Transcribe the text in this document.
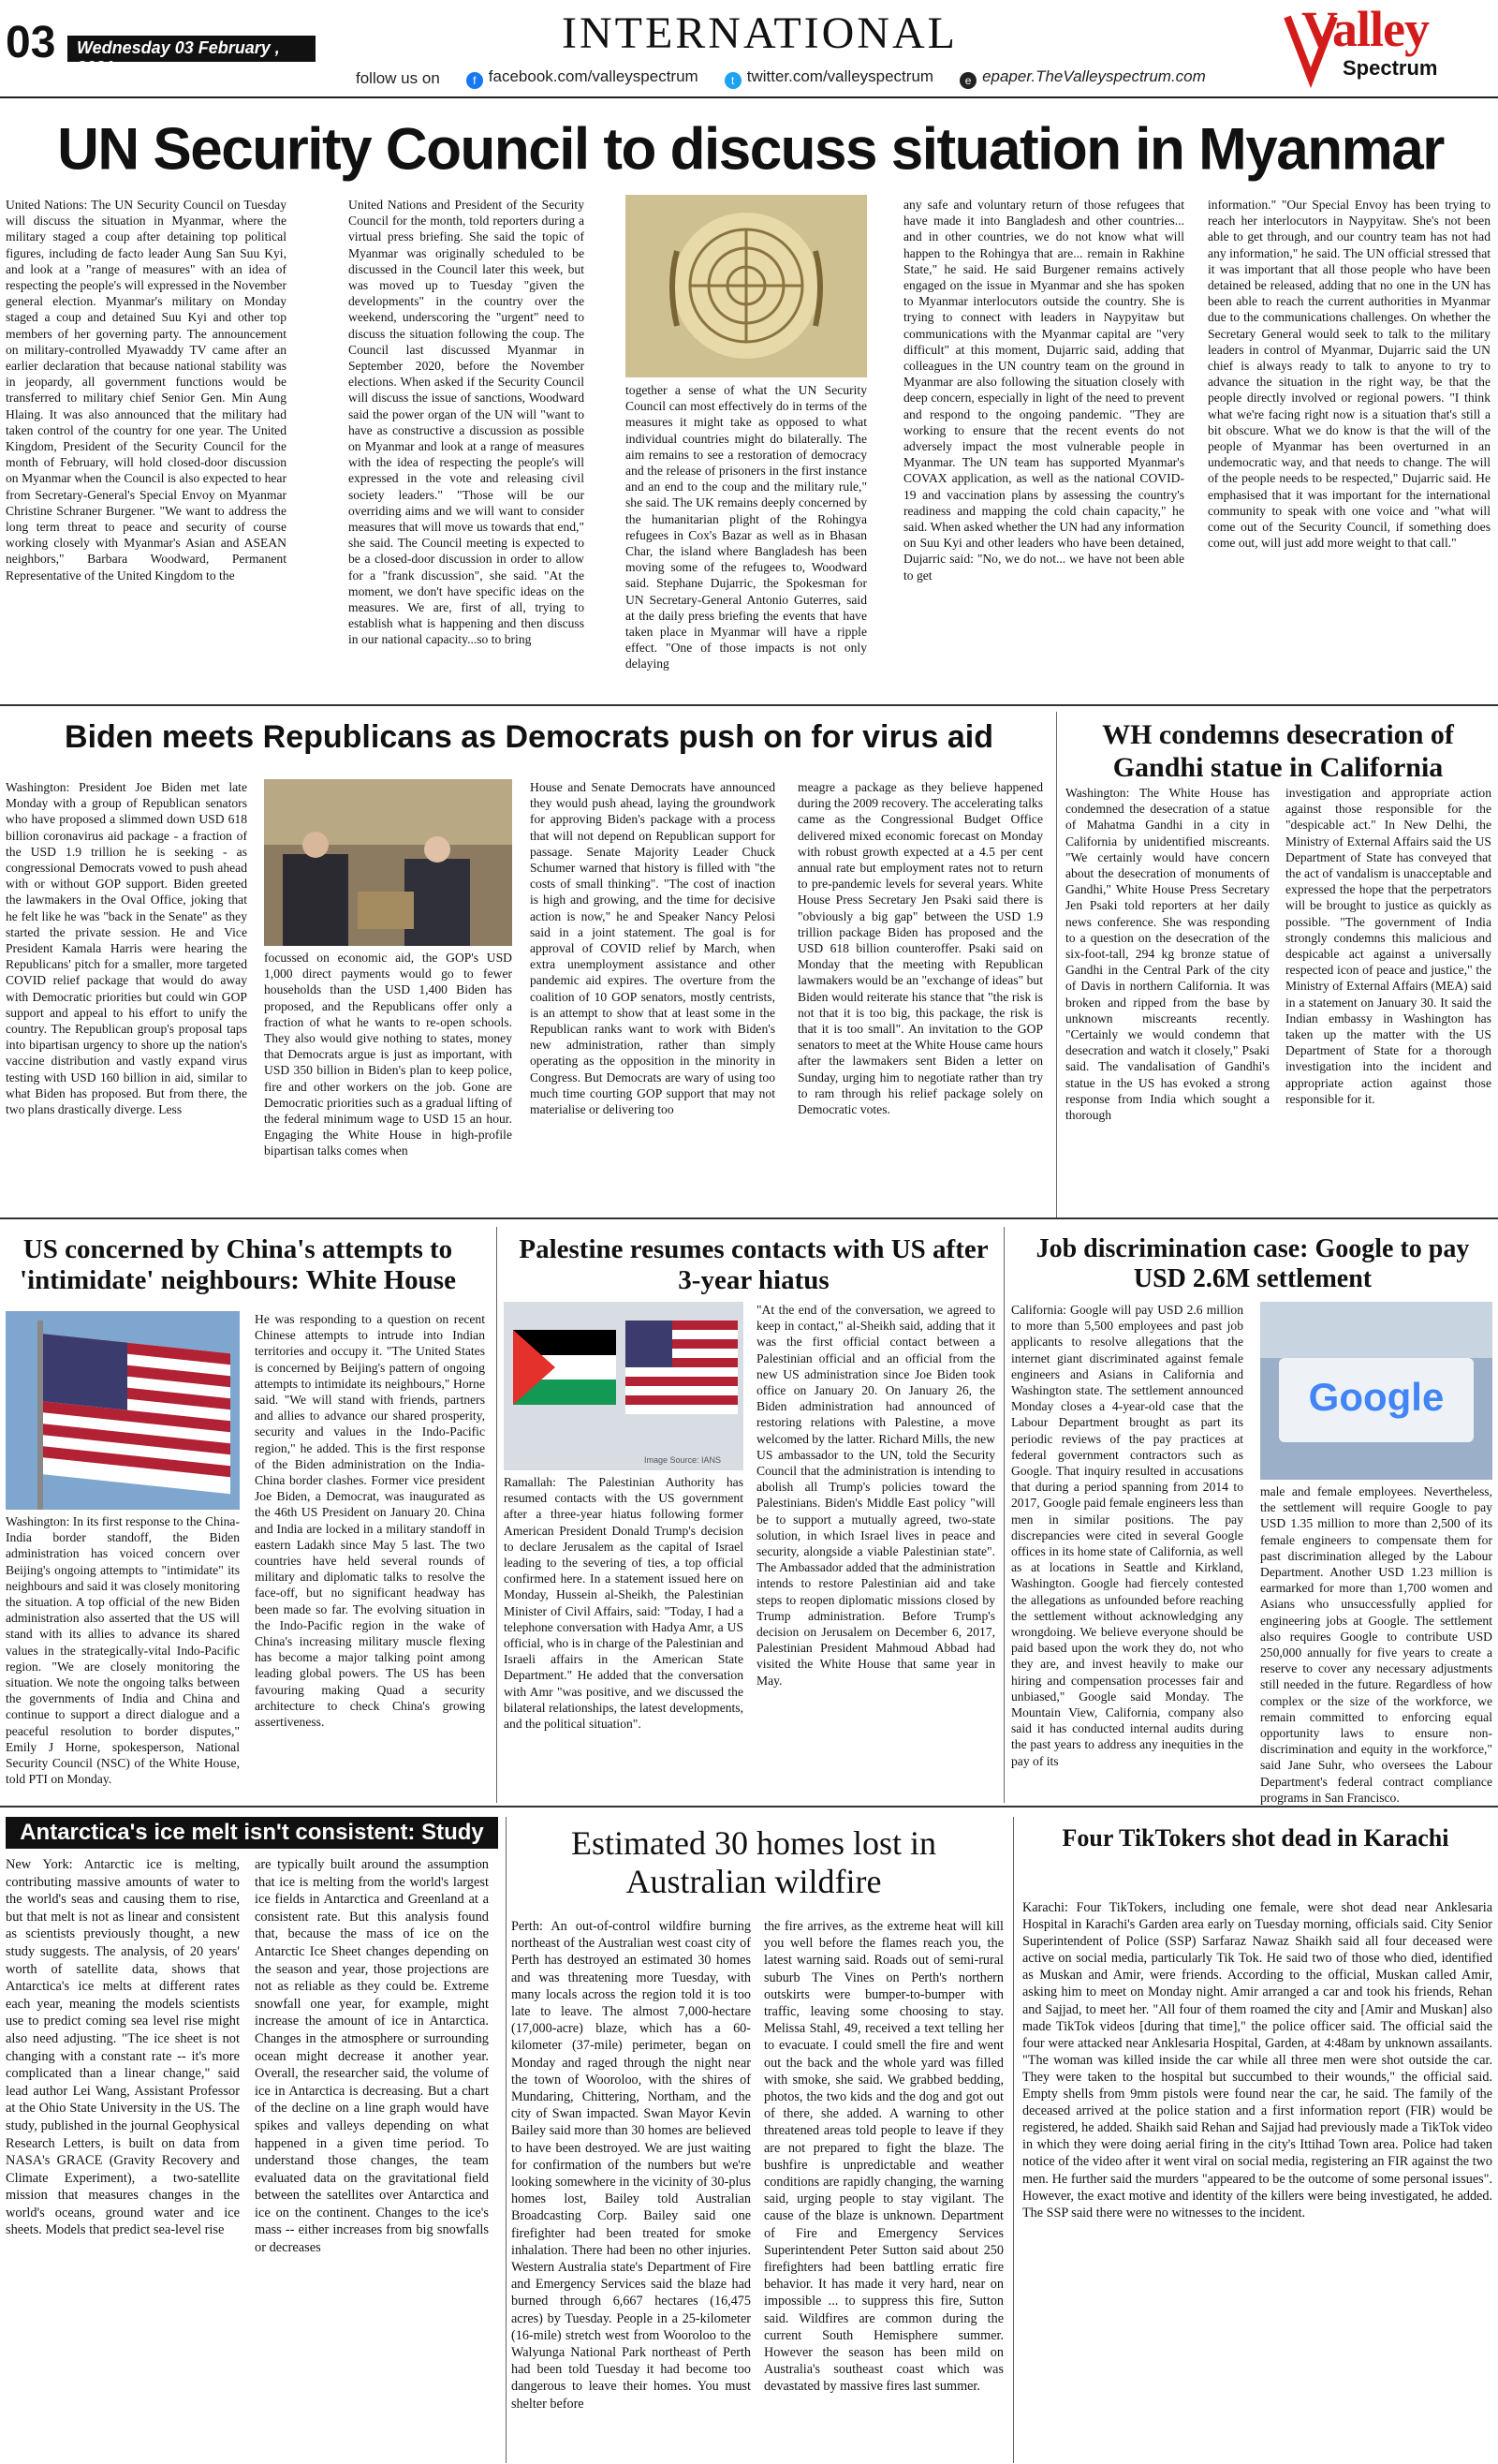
03	Wednesday 03 February , 2021
INTERNATIONAL
follow us on	f facebook.com/valleyspectrum	t twitter.com/valleyspectrum	e epaper.TheValleyspectrum.com
Valley
Spectrum
UN Security Council to discuss situation in Myanmar
United Nations: The UN Security Council on Tuesday will discuss the situation in Myanmar, where the military staged a coup after detaining top political figures, including de facto leader Aung San Suu Kyi, and look at a "range of measures" with an idea of respecting the people's will expressed in the November general election. Myanmar's military on Monday staged a coup and detained Suu Kyi and other top members of her governing party. The announcement on military-controlled Myawaddy TV came after an earlier declaration that because national stability was in jeopardy, all government functions would be transferred to military chief Senior Gen. Min Aung Hlaing. It was also announced that the military had taken control of the country for one year. The United Kingdom, President of the Security Council for the month of February, will hold closed-door discussion on Myanmar when the Council is also expected to hear from Secretary-General's Special Envoy on Myanmar Christine Schraner Burgener. "We want to address the long term threat to peace and security of course working closely with Myanmar's Asian and ASEAN neighbors," Barbara Woodward, Permanent Representative of the United Kingdom to the
United Nations and President of the Security Council for the month, told reporters during a virtual press briefing. She said the topic of Myanmar was originally scheduled to be discussed in the Council later this week, but was moved up to Tuesday "given the developments" in the country over the weekend, underscoring the "urgent" need to discuss the situation following the coup. The Council last discussed Myanmar in September 2020, before the November elections. When asked if the Security Council will discuss the issue of sanctions, Woodward said the power organ of the UN will "want to have as constructive a discussion as possible on Myanmar and look at a range of measures with the idea of respecting the people's will expressed in the vote and releasing civil society leaders." "Those will be our overriding aims and we will want to consider measures that will move us towards that end," she said. The Council meeting is expected to be a closed-door discussion in order to allow for a "frank discussion", she said. "At the moment, we don't have specific ideas on the measures. We are, first of all, trying to establish what is happening and then discuss in our national capacity...so to bring
together a sense of what the UN Security Council can most effectively do in terms of the measures it might take as opposed to what individual countries might do bilaterally. The aim remains to see a restoration of democracy and the release of prisoners in the first instance and an end to the coup and the military rule," she said. The UK remains deeply concerned by the humanitarian plight of the Rohingya refugees in Cox's Bazar as well as in Bhasan Char, the island where Bangladesh has been moving some of the refugees to, Woodward said. Stephane Dujarric, the Spokesman for UN Secretary-General Antonio Guterres, said at the daily press briefing the events that have taken place in Myanmar will have a ripple effect. "One of those impacts is not only delaying
any safe and voluntary return of those refugees that have made it into Bangladesh and other countries... and in other countries, we do not know what will happen to the Rohingya that are... remain in Rakhine State," he said. He said Burgener remains actively engaged on the issue in Myanmar and she has spoken to Myanmar interlocutors outside the country. She is trying to connect with leaders in Naypyitaw but communications with the Myanmar capital are "very difficult" at this moment, Dujarric said, adding that colleagues in the UN country team on the ground in Myanmar are also following the situation closely with deep concern, especially in light of the need to prevent and respond to the ongoing pandemic. "They are working to ensure that the recent events do not adversely impact the most vulnerable people in Myanmar. The UN team has supported Myanmar's COVAX application, as well as the national COVID-19 and vaccination plans by assessing the country's readiness and mapping the cold chain capacity," he said. When asked whether the UN had any information on Suu Kyi and other leaders who have been detained, Dujarric said: "No, we do not... we have not been able to get
information." "Our Special Envoy has been trying to reach her interlocutors in Naypyitaw. She's not been able to get through, and our country team has not had any information," he said. The UN official stressed that it was important that all those people who have been detained be released, adding that no one in the UN has been able to reach the current authorities in Myanmar due to the communications challenges. On whether the Secretary General would seek to talk to the military leaders in control of Myanmar, Dujarric said the UN chief is always ready to talk to anyone to try to advance the situation in the right way, be that the people directly involved or regional powers. "I think what we're facing right now is a situation that's still a bit obscure. What we do know is that the will of the people of Myanmar has been overturned in an undemocratic way, and that needs to change. The will of the people needs to be respected," Dujarric said. He emphasised that it was important for the international community to speak with one voice and "what will come out of the Security Council, if something does come out, will just add more weight to that call."
Biden meets Republicans as Democrats push on for virus aid
Washington: President Joe Biden met late Monday with a group of Republican senators who have proposed a slimmed down USD 618 billion coronavirus aid package - a fraction of the USD 1.9 trillion he is seeking - as congressional Democrats vowed to push ahead with or without GOP support. Biden greeted the lawmakers in the Oval Office, joking that he felt like he was "back in the Senate" as they started the private session. He and Vice President Kamala Harris were hearing the Republicans' pitch for a smaller, more targeted COVID relief package that would do away with Democratic priorities but could win GOP support and appeal to his effort to unify the country. The Republican group's proposal taps into bipartisan urgency to shore up the nation's vaccine distribution and vastly expand virus testing with USD 160 billion in aid, similar to what Biden has proposed. But from there, the two plans drastically diverge. Less
focussed on economic aid, the GOP's USD 1,000 direct payments would go to fewer households than the USD 1,400 Biden has proposed, and the Republicans offer only a fraction of what he wants to re-open schools. They also would give nothing to states, money that Democrats argue is just as important, with USD 350 billion in Biden's plan to keep police, fire and other workers on the job. Gone are Democratic priorities such as a gradual lifting of the federal minimum wage to USD 15 an hour. Engaging the White House in high-profile bipartisan talks comes when
House and Senate Democrats have announced they would push ahead, laying the groundwork for approving Biden's package with a process that will not depend on Republican support for passage. Senate Majority Leader Chuck Schumer warned that history is filled with "the costs of small thinking". "The cost of inaction is high and growing, and the time for decisive action is now," he and Speaker Nancy Pelosi said in a joint statement. The goal is for approval of COVID relief by March, when extra unemployment assistance and other pandemic aid expires. The overture from the coalition of 10 GOP senators, mostly centrists, is an attempt to show that at least some in the Republican ranks want to work with Biden's new administration, rather than simply operating as the opposition in the minority in Congress. But Democrats are wary of using too much time courting GOP support that may not materialise or delivering too
meagre a package as they believe happened during the 2009 recovery. The accelerating talks came as the Congressional Budget Office delivered mixed economic forecast on Monday with robust growth expected at a 4.5 per cent annual rate but employment rates not to return to pre-pandemic levels for several years. White House Press Secretary Jen Psaki said there is "obviously a big gap" between the USD 1.9 trillion package Biden has proposed and the USD 618 billion counteroffer. Psaki said on Monday that the meeting with Republican lawmakers would be an "exchange of ideas" but Biden would reiterate his stance that "the risk is not that it is too big, this package, the risk is that it is too small". An invitation to the GOP senators to meet at the White House came hours after the lawmakers sent Biden a letter on Sunday, urging him to negotiate rather than try to ram through his relief package solely on Democratic votes.
WH condemns desecration of Gandhi statue in California
Washington: The White House has condemned the desecration of a statue of Mahatma Gandhi in a city in California by unidentified miscreants. "We certainly would have concern about the desecration of monuments of Gandhi," White House Press Secretary Jen Psaki told reporters at her daily news conference. She was responding to a question on the desecration of the six-foot-tall, 294 kg bronze statue of Gandhi in the Central Park of the city of Davis in northern California. It was broken and ripped from the base by unknown miscreants recently. "Certainly we would condemn that desecration and watch it closely," Psaki said. The vandalisation of Gandhi's statue in the US has evoked a strong response from India which sought a thorough
investigation and appropriate action against those responsible for the "despicable act." In New Delhi, the Ministry of External Affairs said the US Department of State has conveyed that the act of vandalism is unacceptable and expressed the hope that the perpetrators will be brought to justice as quickly as possible. "The government of India strongly condemns this malicious and despicable act against a universally respected icon of peace and justice," the Ministry of External Affairs (MEA) said in a statement on January 30. It said the Indian embassy in Washington has taken up the matter with the US Department of State for a thorough investigation into the incident and appropriate action against those responsible for it.
US concerned by China's attempts to 'intimidate' neighbours: White House
Washington: In its first response to the China-India border standoff, the Biden administration has voiced concern over Beijing's ongoing attempts to "intimidate" its neighbours and said it was closely monitoring the situation. A top official of the new Biden administration also asserted that the US will stand with its allies to advance its shared values in the strategically-vital Indo-Pacific region. "We are closely monitoring the situation. We note the ongoing talks between the governments of India and China and continue to support a direct dialogue and a peaceful resolution to border disputes," Emily J Horne, spokesperson, National Security Council (NSC) of the White House, told PTI on Monday.
He was responding to a question on recent Chinese attempts to intrude into Indian territories and occupy it. "The United States is concerned by Beijing's pattern of ongoing attempts to intimidate its neighbours," Horne said. "We will stand with friends, partners and allies to advance our shared prosperity, security and values in the Indo-Pacific region," he added. This is the first response of the Biden administration on the India-China border clashes. Former vice president Joe Biden, a Democrat, was inaugurated as the 46th US President on January 20. China and India are locked in a military standoff in eastern Ladakh since May 5 last. The two countries have held several rounds of military and diplomatic talks to resolve the face-off, but no significant headway has been made so far. The evolving situation in the Indo-Pacific region in the wake of China's increasing military muscle flexing has become a major talking point among leading global powers. The US has been favouring making Quad a security architecture to check China's growing assertiveness.
Palestine resumes contacts with US after 3-year hiatus
Image Source: IANS
Ramallah: The Palestinian Authority has resumed contacts with the US government after a three-year hiatus following former American President Donald Trump's decision to declare Jerusalem as the capital of Israel leading to the severing of ties, a top official confirmed here. In a statement issued here on Monday, Hussein al-Sheikh, the Palestinian Minister of Civil Affairs, said: "Today, I had a telephone conversation with Hadya Amr, a US official, who is in charge of the Palestinian and Israeli affairs in the American State Department." He added that the conversation with Amr "was positive, and we discussed the bilateral relationships, the latest developments, and the political situation".
"At the end of the conversation, we agreed to keep in contact," al-Sheikh said, adding that it was the first official contact between a Palestinian official and an official from the new US administration since Joe Biden took office on January 20. On January 26, the Biden administration had announced of restoring relations with Palestine, a move welcomed by the latter. Richard Mills, the new US ambassador to the UN, told the Security Council that the administration is intending to abolish all Trump's policies toward the Palestinians. Biden's Middle East policy "will be to support a mutually agreed, two-state solution, in which Israel lives in peace and security, alongside a viable Palestinian state". The Ambassador added that the administration intends to restore Palestinian aid and take steps to reopen diplomatic missions closed by Trump administration. Before Trump's decision on Jerusalem on December 6, 2017, Palestinian President Mahmoud Abbad had visited the White House that same year in May.
Job discrimination case: Google to pay USD 2.6M settlement
California: Google will pay USD 2.6 million to more than 5,500 employees and past job applicants to resolve allegations that the internet giant discriminated against female engineers and Asians in California and Washington state. The settlement announced Monday closes a 4-year-old case that the Labour Department brought as part its periodic reviews of the pay practices at federal government contractors such as Google. That inquiry resulted in accusations that during a period spanning from 2014 to 2017, Google paid female engineers less than men in similar positions. The pay discrepancies were cited in several Google offices in its home state of California, as well as at locations in Seattle and Kirkland, Washington. Google had fiercely contested the allegations as unfounded before reaching the settlement without acknowledging any wrongdoing. We believe everyone should be paid based upon the work they do, not who they are, and invest heavily to make our hiring and compensation processes fair and unbiased," Google said Monday. The Mountain View, California, company also said it has conducted internal audits during the past years to address any inequities in the pay of its
Google
male and female employees. Nevertheless, the settlement will require Google to pay USD 1.35 million to more than 2,500 of its female engineers to compensate them for past discrimination alleged by the Labour Department. Another USD 1.23 million is earmarked for more than 1,700 women and Asians who unsuccessfully applied for engineering jobs at Google. The settlement also requires Google to contribute USD 250,000 annually for five years to create a reserve to cover any necessary adjustments still needed in the future. Regardless of how complex or the size of the workforce, we remain committed to enforcing equal opportunity laws to ensure non-discrimination and equity in the workforce," said Jane Suhr, who oversees the Labour Department's federal contract compliance programs in San Francisco.
Antarctica's ice melt isn't consistent: Study
New York: Antarctic ice is melting, contributing massive amounts of water to the world's seas and causing them to rise, but that melt is not as linear and consistent as scientists previously thought, a new study suggests. The analysis, of 20 years' worth of satellite data, shows that Antarctica's ice melts at different rates each year, meaning the models scientists use to predict coming sea level rise might also need adjusting. "The ice sheet is not changing with a constant rate -- it's more complicated than a linear change," said lead author Lei Wang, Assistant Professor at the Ohio State University in the US. The study, published in the journal Geophysical Research Letters, is built on data from NASA's GRACE (Gravity Recovery and Climate Experiment), a two-satellite mission that measures changes in the world's oceans, ground water and ice sheets. Models that predict sea-level rise
are typically built around the assumption that ice is melting from the world's largest ice fields in Antarctica and Greenland at a consistent rate. But this analysis found that, because the mass of ice on the Antarctic Ice Sheet changes depending on the season and year, those projections are not as reliable as they could be. Extreme snowfall one year, for example, might increase the amount of ice in Antarctica. Changes in the atmosphere or surrounding ocean might decrease it another year. Overall, the researcher said, the volume of ice in Antarctica is decreasing. But a chart of the decline on a line graph would have spikes and valleys depending on what happened in a given time period. To understand those changes, the team evaluated data on the gravitational field between the satellites over Antarctica and ice on the continent. Changes to the ice's mass -- either increases from big snowfalls or decreases
Estimated 30 homes lost in Australian wildfire
Perth: An out-of-control wildfire burning northeast of the Australian west coast city of Perth has destroyed an estimated 30 homes and was threatening more Tuesday, with many locals across the region told it is too late to leave. The almost 7,000-hectare (17,000-acre) blaze, which has a 60-kilometer (37-mile) perimeter, began on Monday and raged through the night near the town of Wooroloo, with the shires of Mundaring, Chittering, Northam, and the city of Swan impacted. Swan Mayor Kevin Bailey said more than 30 homes are believed to have been destroyed. We are just waiting for confirmation of the numbers but we're looking somewhere in the vicinity of 30-plus homes lost, Bailey told Australian Broadcasting Corp. Bailey said one firefighter had been treated for smoke inhalation. There had been no other injuries. Western Australia state's Department of Fire and Emergency Services said the blaze had burned through 6,667 hectares (16,475 acres) by Tuesday. People in a 25-kilometer (16-mile) stretch west from Wooroloo to the Walyunga National Park northeast of Perth had been told Tuesday it had become too dangerous to leave their homes. You must shelter before
the fire arrives, as the extreme heat will kill you well before the flames reach you, the latest warning said. Roads out of semi-rural suburb The Vines on Perth's northern outskirts were bumper-to-bumper with traffic, leaving some choosing to stay. Melissa Stahl, 49, received a text telling her to evacuate. I could smell the fire and went out the back and the whole yard was filled with smoke, she said. We grabbed bedding, photos, the two kids and the dog and got out of there, she added. A warning to other threatened areas told people to leave if they are not prepared to fight the blaze. The bushfire is unpredictable and weather conditions are rapidly changing, the warning said, urging people to stay vigilant. The cause of the blaze is unknown. Department of Fire and Emergency Services Superintendent Peter Sutton said about 250 firefighters had been battling erratic fire behavior. It has made it very hard, near on impossible ... to suppress this fire, Sutton said. Wildfires are common during the current South Hemisphere summer. However the season has been mild on Australia's southeast coast which was devastated by massive fires last summer.
Four TikTokers shot dead in Karachi
Karachi: Four TikTokers, including one female, were shot dead near Anklesaria Hospital in Karachi's Garden area early on Tuesday morning, officials said. City Senior Superintendent of Police (SSP) Sarfaraz Nawaz Shaikh said all four deceased were active on social media, particularly Tik Tok. He said two of those who died, identified as Muskan and Amir, were friends. According to the official, Muskan called Amir, asking him to meet on Monday night. Amir arranged a car and took his friends, Rehan and Sajjad, to meet her. "All four of them roamed the city and [Amir and Muskan] also made TikTok videos [during that time]," the police officer said. The official said the four were attacked near Anklesaria Hospital, Garden, at 4:48am by unknown assailants. "The woman was killed inside the car while all three men were shot outside the car. They were taken to the hospital but succumbed to their wounds," the official said. Empty shells from 9mm pistols were found near the car, he said. The family of the deceased arrived at the police station and a first information report (FIR) would be registered, he added. Shaikh said Rehan and Sajjad had previously made a TikTok video in which they were doing aerial firing in the city's Ittihad Town area. Police had taken notice of the video after it went viral on social media, registering an FIR against the two men. He further said the murders "appeared to be the outcome of some personal issues". However, the exact motive and identity of the killers were being investigated, he added. The SSP said there were no witnesses to the incident.
